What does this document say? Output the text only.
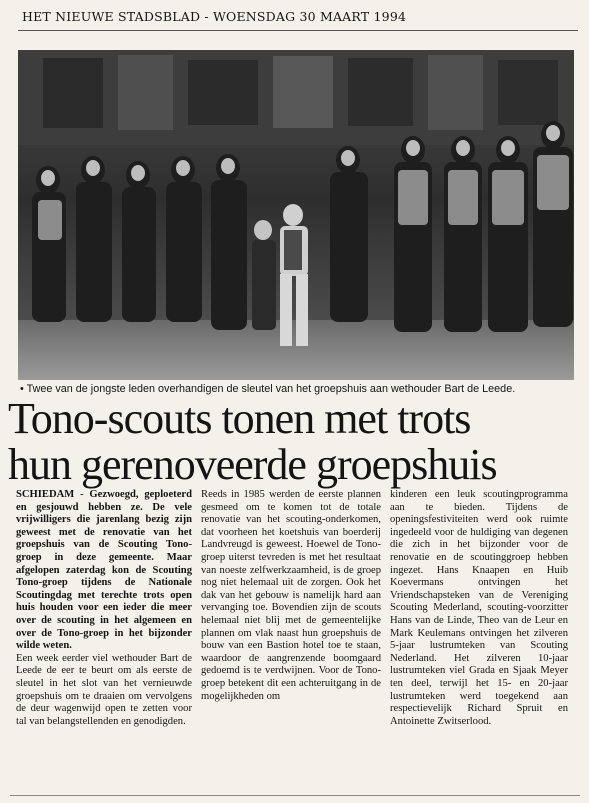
HET NIEUWE STADSBLAD - WOENSDAG 30 MAART 1994
• Twee van de jongste leden overhandigen de sleutel van het groepshuis aan wethouder Bart de Leede.
Tono-scouts tonen met trots
hun gerenoveerde groepshuis

SCHIEDAM - Gezwoegd, geploeterd en gesjouwd hebben ze. De vele vrijwilligers die jarenlang bezig zijn geweest met de renovatie van het groepshuis van de Scouting Tono-groep in deze gemeente. Maar afgelopen zaterdag kon de Scouting Tono-groep tijdens de Nationale Scoutingdag met terechte trots open huis houden voor een ieder die meer over de scouting in het algemeen en over de Tono-groep in het bijzonder wilde weten.

Een week eerder viel wethouder Bart de Leede de eer te beurt om als eerste de sleutel in het slot van het vernieuwde groepshuis om te draaien om vervolgens de deur wagenwijd open te zetten voor tal van belangstellenden en genodigden.

Reeds in 1985 werden de eerste plannen gesmeed om te komen tot de totale renovatie van het scouting-onderkomen, dat voorheen het koetshuis van boerderij Landvreugd is geweest. Hoewel de Tono-groep uiterst tevreden is met het resultaat van noeste zelfwerkzaamheid, is de groep nog niet helemaal uit de zorgen. Ook het dak van het gebouw is namelijk hard aan vervanging toe. Bovendien zijn de scouts helemaal niet blij met de gemeentelijke plannen om vlak naast hun groepshuis de bouw van een Bastion hotel toe te staan, waardoor de aangrenzende boomgaard gedoemd is te verdwijnen. Voor de Tono-groep betekent dit een achteruitgang in de mogelijkheden om

kinderen een leuk scoutingprogramma aan te bieden. Tijdens de openingsfestiviteiten werd ook ruimte ingedeeld voor de huldiging van degenen die zich in het bijzonder voor de renovatie en de scoutinggroep hebben ingezet. Hans Knaapen en Huib Koevermans ontvingen het Vriendschapsteken van de Vereniging Scouting Mederland, scouting-voorzitter Hans van de Linde, Theo van de Leur en Mark Keulemans ontvingen het zilveren 5-jaar lustrumteken van Scouting Nederland. Het zilveren 10-jaar lustrumteken viel Grada en Sjaak Meyer ten deel, terwijl het 15- en 20-jaar lustrumteken werd toegekend aan respectievelijk Richard Spruit en Antoinette Zwitserlood.
